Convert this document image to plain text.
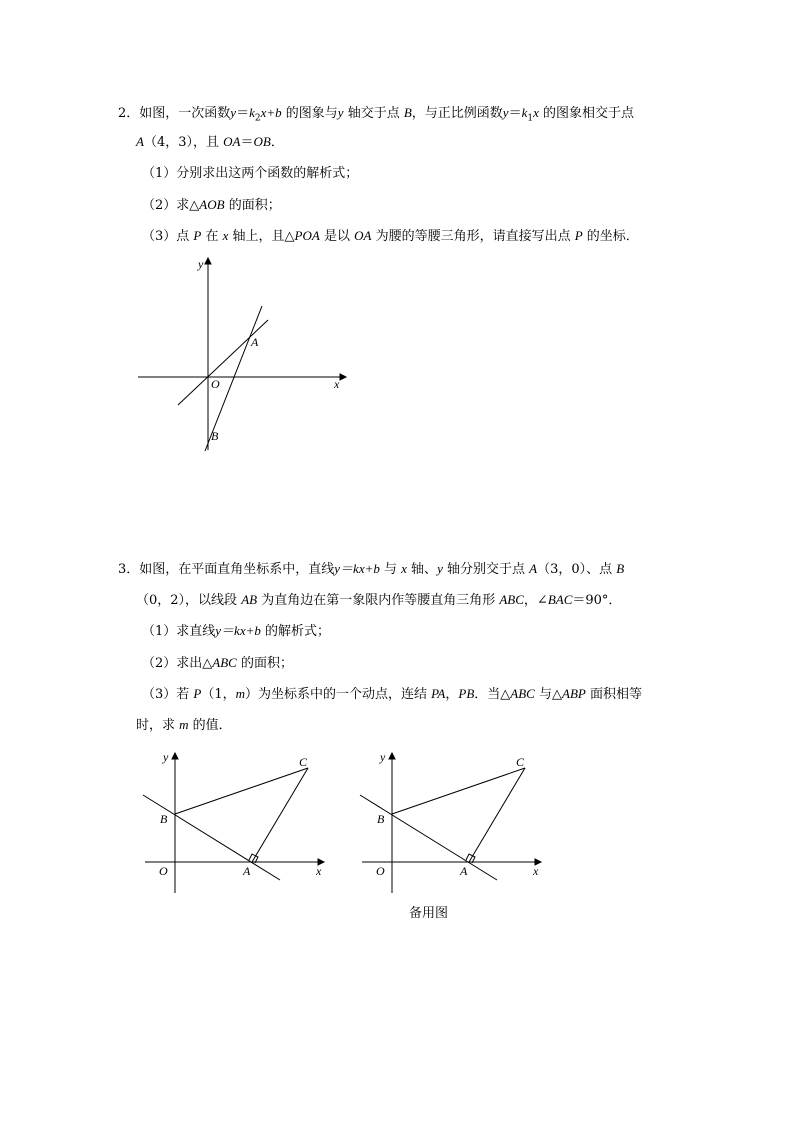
2．如图，一次函数$y=k_2x+b$ 的图象与y 轴交于点 B，与正比例函数$y=k_1x$ 的图象相交于点
A（4，3），且 OA＝OB．
（1）分别求出这两个函数的解析式；
（2）求△AOB 的面积；
（3）点 P 在 x 轴上，且△POA 是以 OA 为腰的等腰三角形，请直接写出点 P 的坐标．
y
x
O
A
B
3．如图，在平面直角坐标系中，直线y＝kx+b 与 x 轴、y 轴分别交于点 A（3，0）、点 B
（0，2），以线段 AB 为直角边在第一象限内作等腰直角三角形 ABC，∠BAC＝90°．
（1）求直线y＝kx+b 的解析式；
（2）求出△ABC 的面积；
（3）若 P（1，m）为坐标系中的一个动点，连结 PA，PB．当△ABC 与△ABP 面积相等
时，求 m 的值．
y
x
O	A
B
C	y
x
O	A
B
C
备用图
